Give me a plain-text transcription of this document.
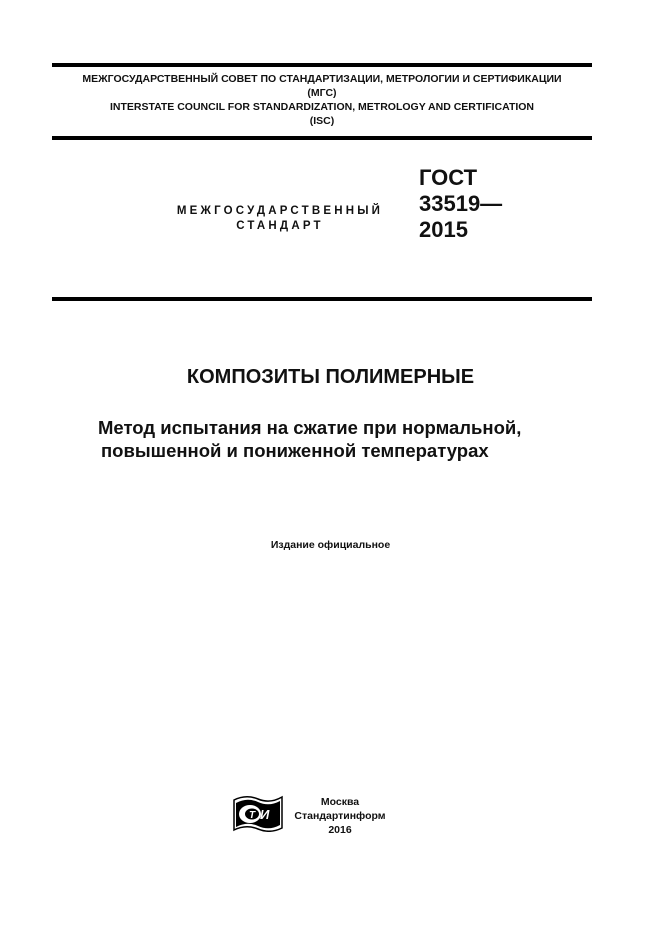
МЕЖГОСУДАРСТВЕННЫЙ СОВЕТ ПО СТАНДАРТИЗАЦИИ, МЕТРОЛОГИИ И СЕРТИФИКАЦИИ
(МГС)
INTERSTATE COUNCIL FOR STANDARDIZATION, METROLOGY AND CERTIFICATION
(ISC)
МЕЖГОСУДАРСТВЕННЫЙ
СТАНДАРТ
ГОСТ
33519—
2015
КОМПОЗИТЫ ПОЛИМЕРНЫЕ
Метод испытания на сжатие при нормальной,
повышенной и пониженной температурах
Издание официальное
И
Т
Москва
Стандартинформ
2016
